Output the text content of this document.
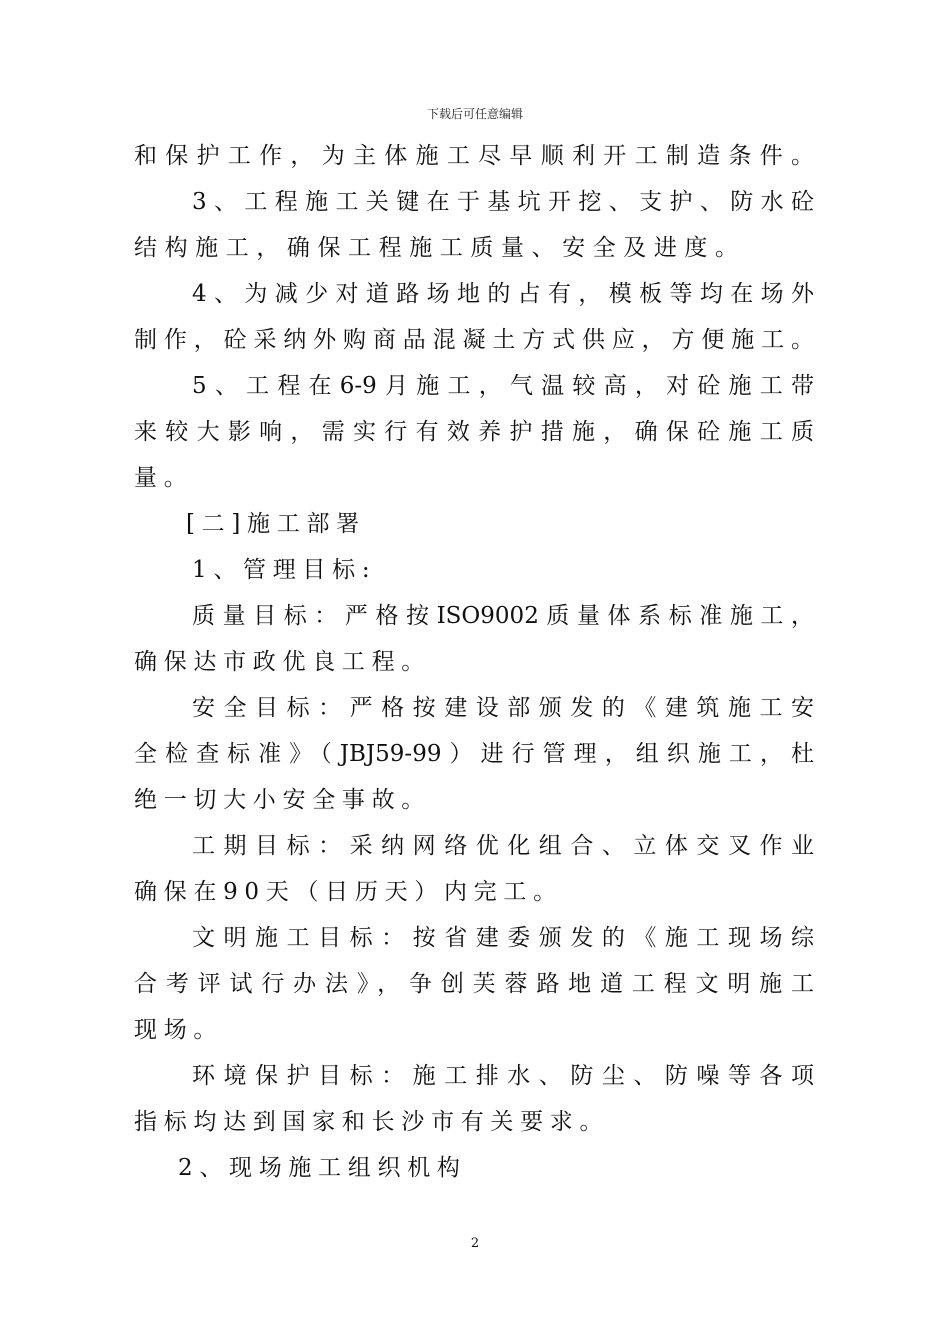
下载后可任意编辑
和保护工作，为主体施工尽早顺利开工制造条件。
3、工程施工关键在于基坑开挖、支护、防水砼
结构施工，确保工程施工质量、安全及进度。
4、为减少对道路场地的占有，模板等均在场外
制作，砼采纳外购商品混凝土方式供应，方便施工。
5、工程在6-9月施工，气温较高，对砼施工带
来较大影响，需实行有效养护措施，确保砼施工质
量。
[二]施工部署
1、管理目标:
质量目标：严格按ISO9002质量体系标准施工，
确保达市政优良工程。
安全目标：严格按建设部颁发的《建筑施工安
全检查标准》（JBJ59-99）进行管理，组织施工，杜
绝一切大小安全事故。
工期目标：采纳网络优化组合、立体交叉作业
确保在90天（日历天）内完工。
文明施工目标：按省建委颁发的《施工现场综
合考评试行办法》，争创芙蓉路地道工程文明施工
现场。
环境保护目标：施工排水、防尘、防噪等各项
指标均达到国家和长沙市有关要求。
2、现场施工组织机构
2
